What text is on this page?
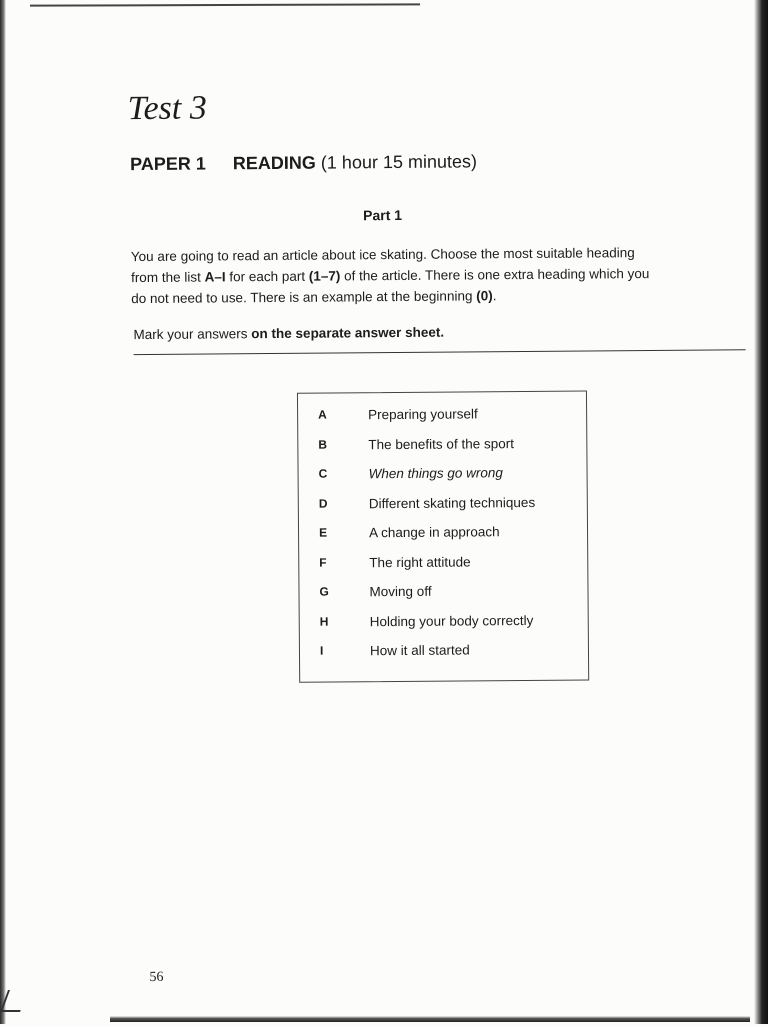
Test 3
PAPER 1 READING (1 hour 15 minutes)
Part 1
You are going to read an article about ice skating. Choose the most suitable heading
from the list A–I for each part (1–7) of the article. There is one extra heading which you
do not need to use. There is an example at the beginning (0).
Mark your answers on the separate answer sheet.
A	Preparing yourself
B	The benefits of the sport
C	When things go wrong
D	Different skating techniques
E	A change in approach
F	The right attitude
G	Moving off
H	Holding your body correctly
I	How it all started
56
